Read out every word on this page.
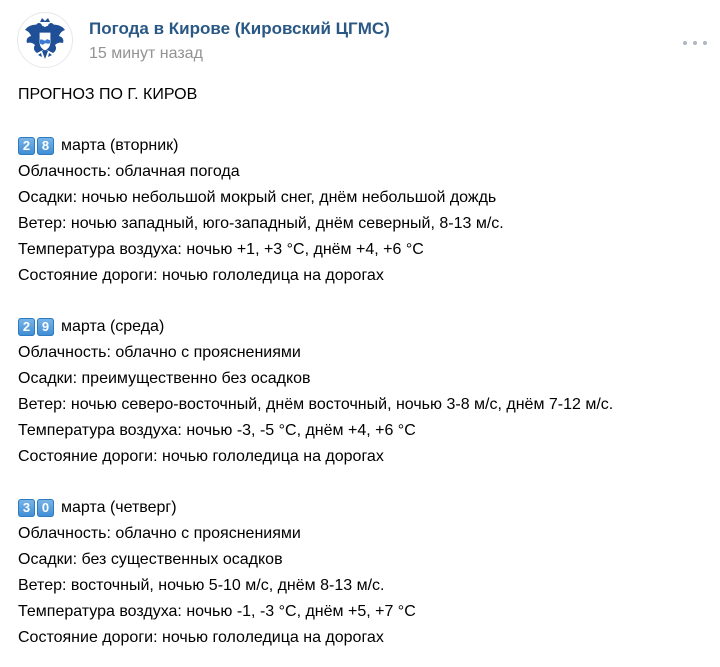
Погода в Кирове (Кировский ЦГМС)
15 минут назад
ПРОГНОЗ ПО Г. КИРОВ
2 8 марта (вторник)
Облачность: облачная погода
Осадки: ночью небольшой мокрый снег, днём небольшой дождь
Ветер: ночью западный, юго-западный, днём северный, 8-13 м/с.
Температура воздуха: ночью +1, +3 °С, днём +4, +6 °С
Состояние дороги: ночью гололедица на дорогах
2 9 марта (среда)
Облачность: облачно с прояснениями
Осадки: преимущественно без осадков
Ветер: ночью северо-восточный, днём восточный, ночью 3-8 м/с, днём 7-12 м/с.
Температура воздуха: ночью -3, -5 °С, днём +4, +6 °С
Состояние дороги: ночью гололедица на дорогах
3 0 марта (четверг)
Облачность: облачно с прояснениями
Осадки: без существенных осадков
Ветер: восточный, ночью 5-10 м/с, днём 8-13 м/с.
Температура воздуха: ночью -1, -3 °С, днём +5, +7 °С
Состояние дороги: ночью гололедица на дорогах
